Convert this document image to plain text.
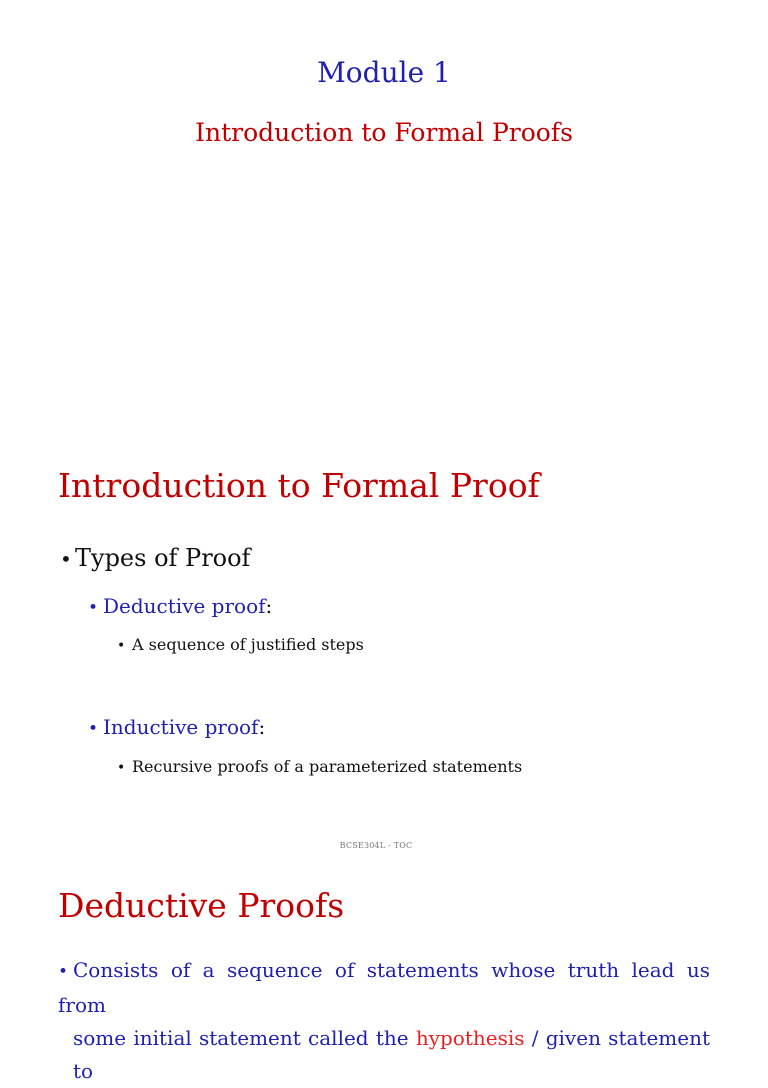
Module 1
Introduction to Formal Proofs
Introduction to Formal Proof
• Types of Proof
• Deductive proof :
• A sequence of justified steps
• Inductive proof :
• Recursive proofs of a parameterized statements
BCSE304L - TOC
Deductive Proofs
• Consists of a sequence of statements whose truth lead us from
some initial statement called the hypothesis / given statement to
